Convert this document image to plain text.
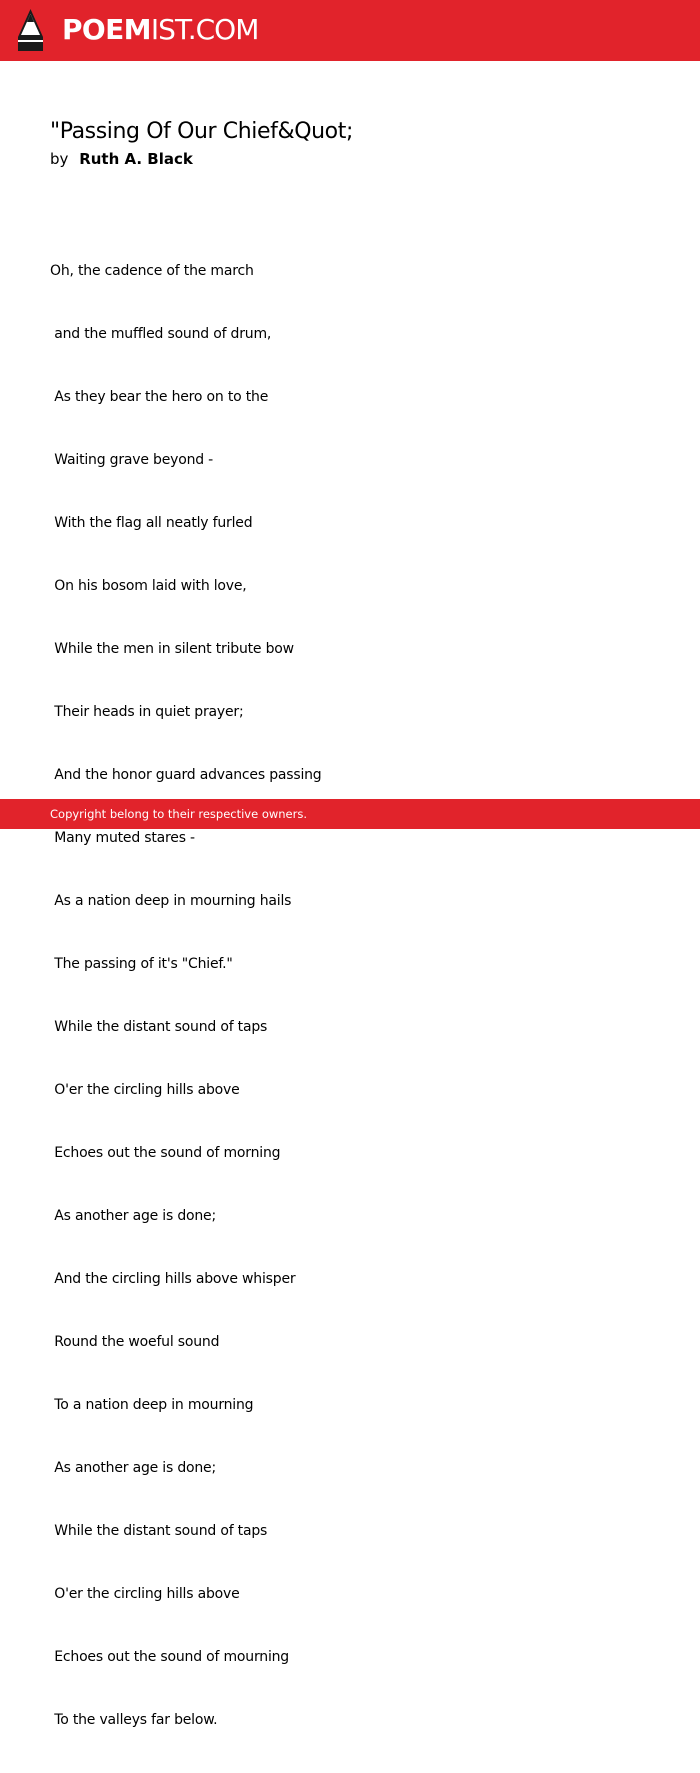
POEMIST.COM
"Passing Of Our Chief&Quot;
by Ruth A. Black

Oh, the cadence of the march

and the muffled sound of drum,

As they bear the hero on to the

Waiting grave beyond -

With the flag all neatly furled

On his bosom laid with love,

While the men in silent tribute bow

Their heads in quiet prayer;

And the honor guard advances passing

Many muted stares -

As a nation deep in mourning hails

The passing of it's "Chief."

While the distant sound of taps

O'er the circling hills above

Echoes out the sound of morning

As another age is done;

And the circling hills above whisper

Round the woeful sound

To a nation deep in mourning

As another age is done;

While the distant sound of taps

O'er the circling hills above

Echoes out the sound of mourning

To the valleys far below.

Copyright belong to their respective owners.
